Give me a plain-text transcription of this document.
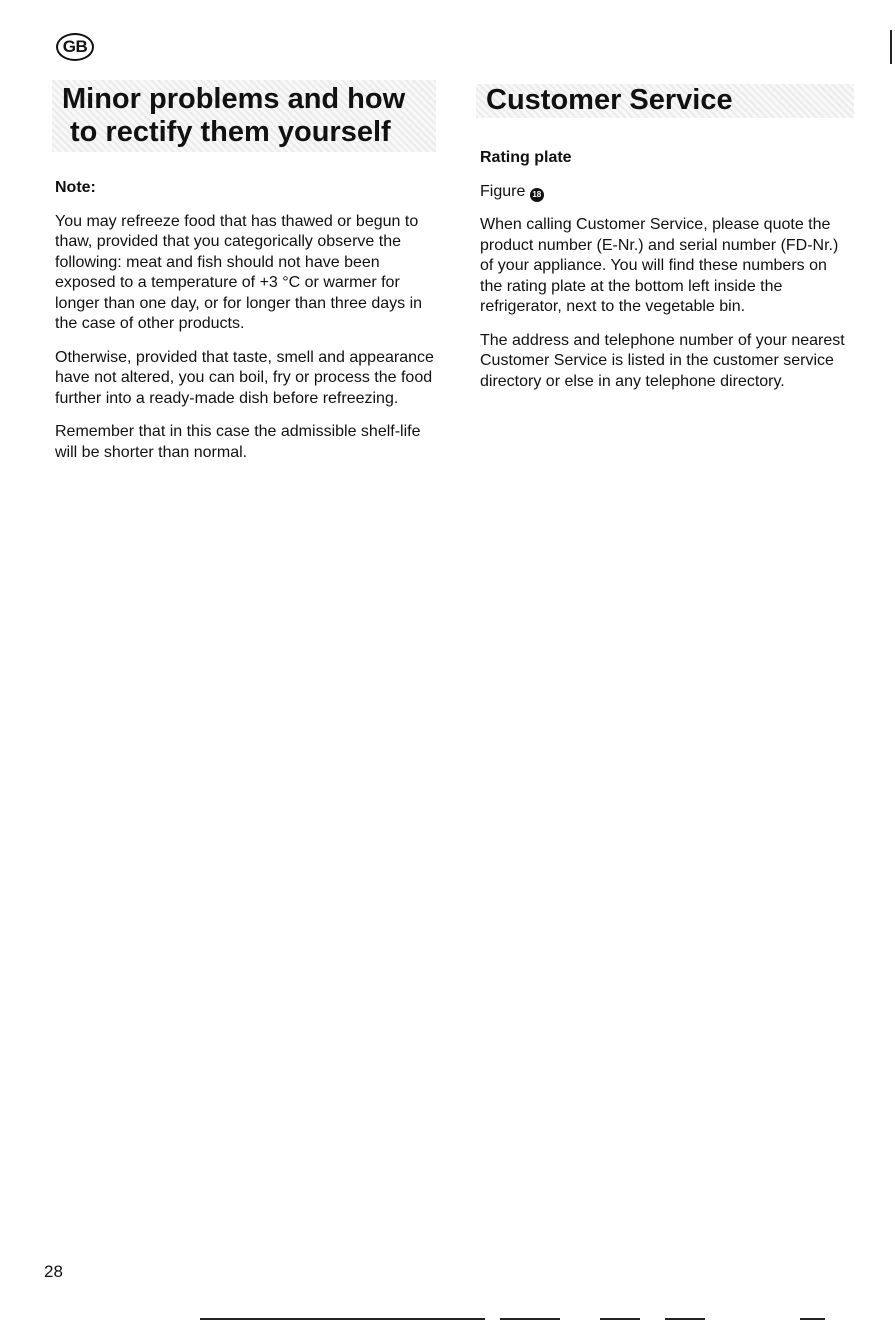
GB
Minor problems and how
to rectify them yourself
Customer Service
Note:

You may refreeze food that has thawed or begun to thaw, provided that you categorically observe the following: meat and fish should not have been exposed to a temperature of +3 °C or warmer for longer than one day, or for longer than three days in the case of other products.

Otherwise, provided that taste, smell and appearance have not altered, you can boil, fry or process the food further into a ready-made dish before refreezing.

Remember that in this case the admissible shelf-life will be shorter than normal.

Rating plate

Figure 18

When calling Customer Service, please quote the product number (E-Nr.) and serial number (FD-Nr.) of your appliance. You will find these numbers on the rating plate at the bottom left inside the refrigerator, next to the vegetable bin.

The address and telephone number of your nearest Customer Service is listed in the customer service directory or else in any telephone directory.

28
